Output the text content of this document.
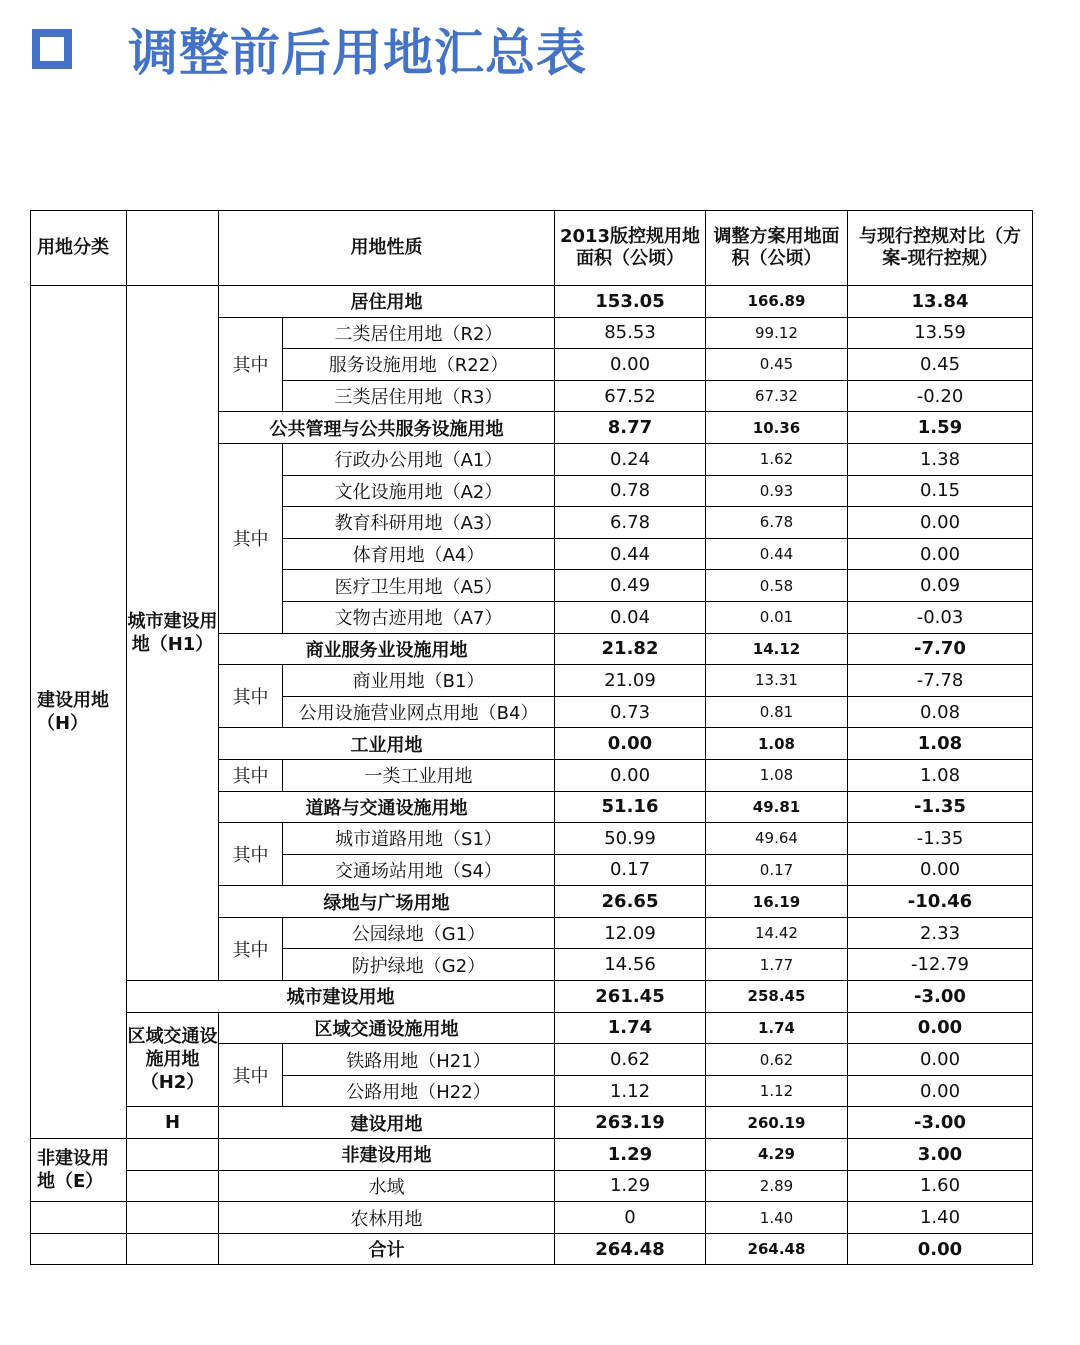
调整前后用地汇总表
用地分类		用地性质		2013版控规用地面积（公顷）	调整方案用地面积（公顷）	与现行控规对比（方案-现行控规）
建设用地（H）	城市建设用地（H1）	居住用地		153.05	166.89	13.84
		其中	二类居住用地（R2）	85.53	99.12	13.59
			服务设施用地（R22）	0.00	0.45	0.45
			三类居住用地（R3）	67.52	67.32	-0.20
		公共管理与公共服务设施用地		8.77	10.36	1.59
		其中	行政办公用地（A1）	0.24	1.62	1.38
			文化设施用地（A2）	0.78	0.93	0.15
			教育科研用地（A3）	6.78	6.78	0.00
			体育用地（A4）	0.44	0.44	0.00
			医疗卫生用地（A5）	0.49	0.58	0.09
			文物古迹用地（A7）	0.04	0.01	-0.03
		商业服务业设施用地		21.82	14.12	-7.70
		其中	商业用地（B1）	21.09	13.31	-7.78
			公用设施营业网点用地（B4）	0.73	0.81	0.08
		工业用地		0.00	1.08	1.08
		其中	一类工业用地	0.00	1.08	1.08
		道路与交通设施用地		51.16	49.81	-1.35
		其中	城市道路用地（S1）	50.99	49.64	-1.35
			交通场站用地（S4）	0.17	0.17	0.00
		绿地与广场用地		26.65	16.19	-10.46
		其中	公园绿地（G1）	12.09	14.42	2.33
			防护绿地（G2）	14.56	1.77	-12.79
	城市建设用地			261.45	258.45	-3.00
	区域交通设施用地（H2）	区域交通设施用地		1.74	1.74	0.00
		其中	铁路用地（H21）	0.62	0.62	0.00
			公路用地（H22）	1.12	1.12	0.00
	H	建设用地		263.19	260.19	-3.00
非建设用地（E）		非建设用地		1.29	4.29	3.00
		水域		1.29	2.89	1.60
		农林用地		0	1.40	1.40
		合计		264.48	264.48	0.00
